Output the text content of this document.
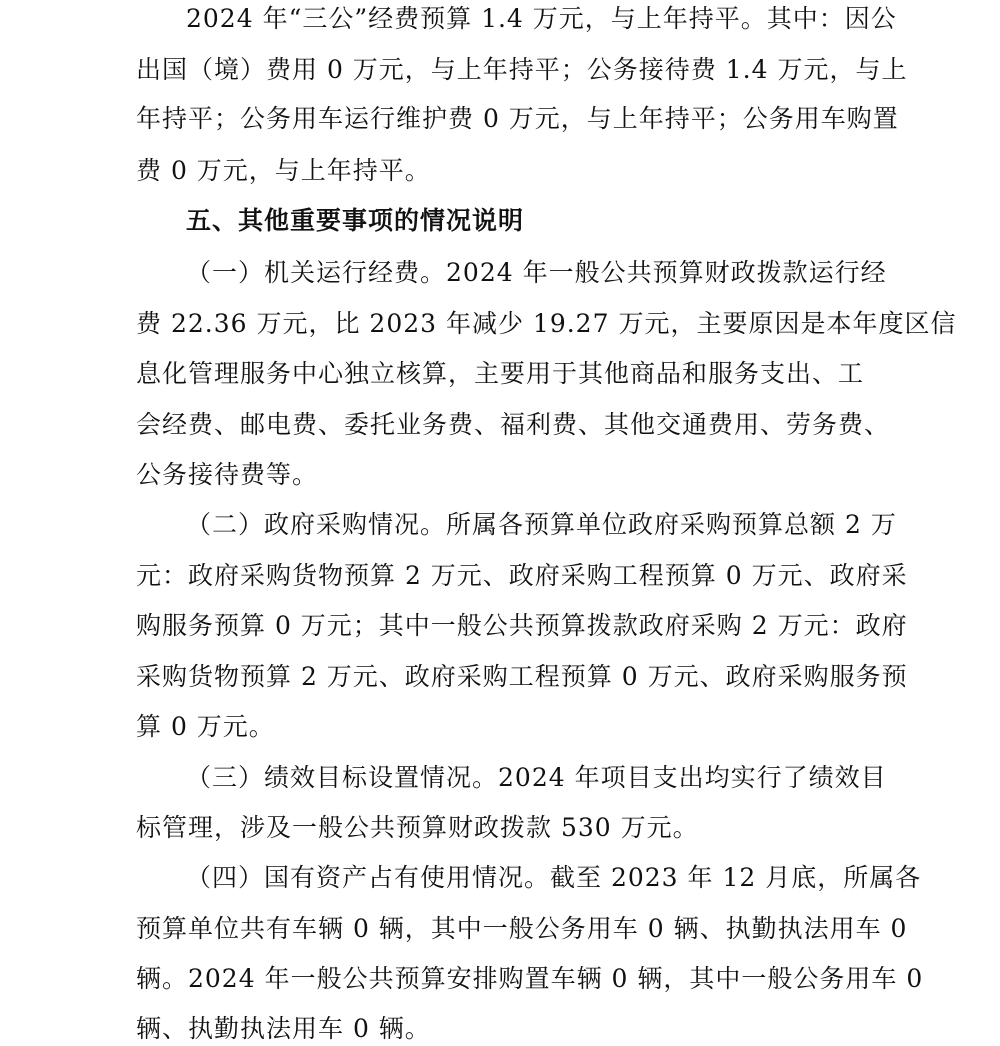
2024 年“三公”经费预算 1.4 万元，与上年持平。其中：因公
出国（境）费用 0 万元，与上年持平；公务接待费 1.4 万元，与上
年持平；公务用车运行维护费 0 万元，与上年持平；公务用车购置
费 0 万元，与上年持平。
五、其他重要事项的情况说明
（一）机关运行经费。2024 年一般公共预算财政拨款运行经
费 22.36 万元，比 2023 年减少 19.27 万元，主要原因是本年度区信
息化管理服务中心独立核算，主要用于其他商品和服务支出、工
会经费、邮电费、委托业务费、福利费、其他交通费用、劳务费、
公务接待费等。
（二）政府采购情况。所属各预算单位政府采购预算总额 2 万
元：政府采购货物预算 2 万元、政府采购工程预算 0 万元、政府采
购服务预算 0 万元；其中一般公共预算拨款政府采购 2 万元：政府
采购货物预算 2 万元、政府采购工程预算 0 万元、政府采购服务预
算 0 万元。
（三）绩效目标设置情况。2024 年项目支出均实行了绩效目
标管理，涉及一般公共预算财政拨款 530 万元。
（四）国有资产占有使用情况。截至 2023 年 12 月底，所属各
预算单位共有车辆 0 辆，其中一般公务用车 0 辆、执勤执法用车 0
辆。2024 年一般公共预算安排购置车辆 0 辆，其中一般公务用车 0
辆、执勤执法用车 0 辆。
